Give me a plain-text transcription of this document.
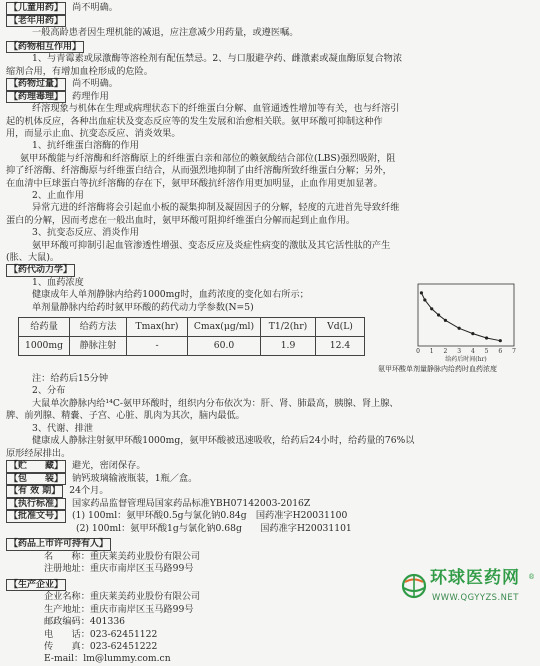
【儿童用药】 尚不明确。
【老年用药】
一般高龄患者因生理机能的减退，应注意减少用药量，或遵医嘱。
【药物相互作用】
1、与青霉素或尿激酶等溶栓剂有配伍禁忌。2、与口服避孕药、雌激素或凝血酶原复合物浓
缩剂合用，有增加血栓形成的危险。
【药物过量】 尚不明确。
【药理毒理】 药理作用
纤溶现象与机体在生理或病理状态下的纤维蛋白分解、血管通透性增加等有关，也与纤溶引
起的机体反应，各种出血症状及变态反应等的发生发展和治愈相关联。氨甲环酸可抑制这种作
用，而显示止血、抗变态反应、消炎效果。
1、抗纤维蛋白溶酶的作用
氨甲环酸能与纤溶酶和纤溶酶原上的纤维蛋白亲和部位的赖氨酸结合部位(LBS)强烈吸附，阻
抑了纤溶酶、纤溶酶原与纤维蛋白结合，从而强烈地抑制了由纤溶酶所致纤维蛋白分解；另外，
在血清中巨球蛋白等抗纤溶酶的存在下，氨甲环酸抗纤溶作用更加明显，止血作用更加显著。
2、止血作用
异常亢进的纤溶酶将会引起血小板的凝集抑制及凝固因子的分解，轻度的亢进首先导致纤维
蛋白的分解，因而考虑在一般出血时，氨甲环酸可阻抑纤维蛋白分解而起到止血作用。
3、抗变态反应、消炎作用
氨甲环酸可抑制引起血管渗透性增强、变态反应及炎症性病变的激肽及其它活性肽的产生
(胀、大鼠)。
【药代动力学】
1、血药浓度
健康成年人单剂静脉内给药1000mg时，血药浓度的变化如右所示；
单剂量静脉内给药时氨甲环酸的药代动力学参数(N=5)
给药量	给药方法	Tmax(hr)	Cmax(μg/ml)	T1/2(hr)	Vd(L)
1000mg	静脉注射	-	60.0	1.9	12.4
0 1 2 3 4 5 6 7
给药后时间(hr)
氨甲环酸单剂量静脉内给药时血药浓度
注：给药后15分钟
2、分布
大鼠单次静脉内给¹⁴C-氨甲环酸时，组织内分布依次为：肝、肾、肺最高，胰腺、肾上腺、
脾、前列腺、精嚢、子宫、心脏、肌肉为其次，脑内最低。
3、代谢、排泄
健康成人静脉注射氨甲环酸1000mg，氨甲环酸被迅速吸收，给药后24小时，给药量的76%以
原形经尿排出。
【贮　　藏】 避光，密闭保存。
【包　　装】 钠钙玻璃输液瓶装，1瓶／盒。
【有 效 期】 24个月。
【执行标准】 国家药品监督管理局国家药品标准YBH07142003-2016Z
【批准文号】 (1) 100ml：氨甲环酸0.5g与氯化钠0.84g　国药准字H20031100
(2) 100ml：氨甲环酸1g与氯化钠0.68g　　国药准字H20031101
【药品上市许可持有人】
名　　称：重庆莱美药业股份有限公司
注册地址：重庆市南岸区玉马路99号
【生产企业】
企业名称：重庆莱美药业股份有限公司
生产地址：重庆市南岸区玉马路99号
邮政编码：401336
电　　话：023-62451122
传　　真：023-62451222
E-mail：lm@lummy.com.cn
环球医药网 ®
WWW.QGYYZS.NET
